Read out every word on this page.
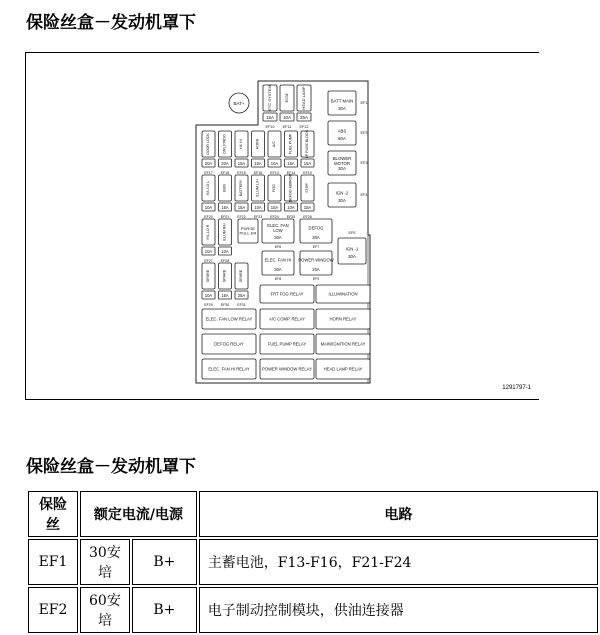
保险丝盒－发动机罩下
BAT+	ETC SYSTEM
15A
EF10
ECM
10A
EF11
HEAD LAMP
25A
EF12
BATT MAIN
30A
EF1
ABS
60A
EF2
BLOWER
MOTOR
30A
EF3
IGN -2
30A
EF4
DOOR LOCK
20A
EF17
DRL PWDO
20A
EF18
H/L HI
15A
EF15
HORN
15A
EF16
A/C
10A
EF13
FUEL PUMP
15A
EF14
LP FUSE BLOCK
15A
EF19
H/L LO L
10A
EF20
EMS
15A
EF21
BATTERY
15A
EF22
ILLUM L/H
10A
EF23
FOG
15A
EF24
DEFOG MIRROR
10A
EF25
STOP
15A
EF26
H/L LO R
10A
EF27
ILLUM R/H
10A
EF28
PURGE
PULL-ER
ELEC. FAN
LOW
30A
EF6
DEFOG
30A
EF7
ELEC. FAN HI
30A
EF8
POWER WINDOW
20A
EF9
IGN -1
30A
EF5
SPARE
10A
EF29
SPARE
15A
EF30
SPARE
25A
EF31
FRT FOG RELAY	ILLUMINATION
ELEC. FAN LOW RELAY	A/C COMP. RELAY	HORN RELAY
DEFOG RELAY	FUEL PUMP RELAY	MAIN/IGNITION RELAY
ELEC. FAN HI RELAY	POWER WINDOW RELAY	HEAD LAMP RELAY
1291797-1
保险丝盒－发动机罩下
保险丝	额定电流/电源		电路
EF1	30安培	B+	主蓄电池，F13-F16，F21-F24
EF2	60安培	B+	电子制动控制模块，供油连接器
